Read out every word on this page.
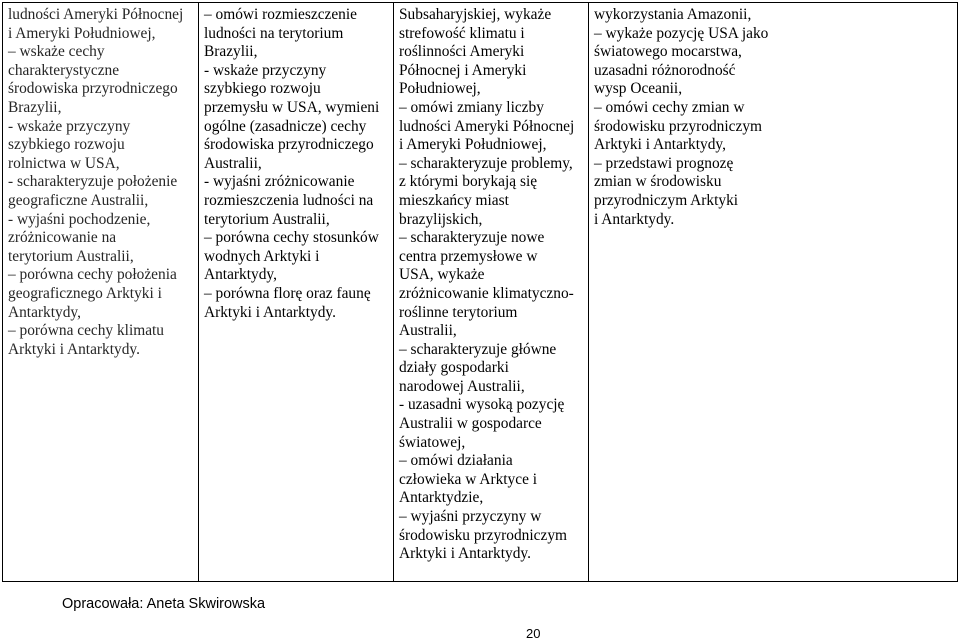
ludności Ameryki Północnej
i Ameryki Południowej,
– wskaże cechy
charakterystyczne
środowiska przyrodniczego
Brazylii,
- wskaże przyczyny
szybkiego rozwoju
rolnictwa w USA,
- scharakteryzuje położenie
geograficzne Australii,
- wyjaśni pochodzenie,
zróżnicowanie na
terytorium Australii,
– porówna cechy położenia
geograficznego Arktyki i
Antarktydy,
– porówna cechy klimatu
Arktyki i Antarktydy.

– omówi rozmieszczenie
ludności na terytorium
Brazylii,
- wskaże przyczyny
szybkiego rozwoju
przemysłu w USA, wymieni
ogólne (zasadnicze) cechy
środowiska przyrodniczego
Australii,
- wyjaśni zróżnicowanie
rozmieszczenia ludności na
terytorium Australii,
– porówna cechy stosunków
wodnych Arktyki i
Antarktydy,
– porówna florę oraz faunę
Arktyki i Antarktydy.

Subsaharyjskiej, wykaże
strefowość klimatu i
roślinności Ameryki
Północnej i Ameryki
Południowej,
– omówi zmiany liczby
ludności Ameryki Północnej
i Ameryki Południowej,
– scharakteryzuje problemy,
z którymi borykają się
mieszkańcy miast
brazylijskich,
– scharakteryzuje nowe
centra przemysłowe w
USA, wykaże
zróżnicowanie klimatyczno-
roślinne terytorium
Australii,
– scharakteryzuje główne
działy gospodarki
narodowej Australii,
- uzasadni wysoką pozycję
Australii w gospodarce
światowej,
– omówi działania
człowieka w Arktyce i
Antarktydzie,
– wyjaśni przyczyny w
środowisku przyrodniczym
Arktyki i Antarktydy.

wykorzystania Amazonii,
– wykaże pozycję USA jako
światowego mocarstwa,
uzasadni różnorodność
wysp Oceanii,
– omówi cechy zmian w
środowisku przyrodniczym
Arktyki i Antarktydy,
– przedstawi prognozę
zmian w środowisku
przyrodniczym Arktyki
i Antarktydy.
Opracowała: Aneta Skwirowska
20
